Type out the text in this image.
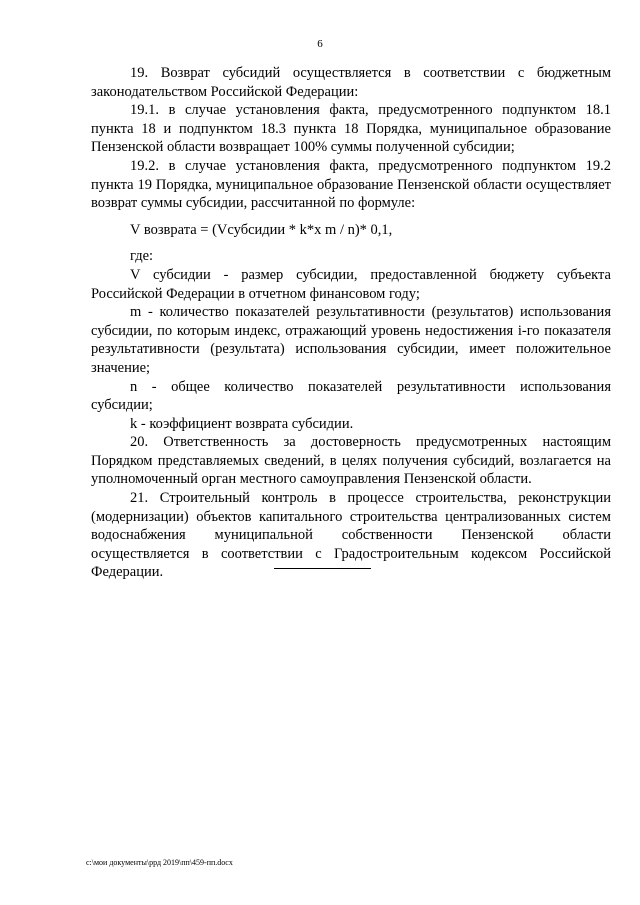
6

19. Возврат субсидий осуществляется в соответствии с бюджетным законодательством Российской Федерации:

19.1. в случае установления факта, предусмотренного подпунктом 18.1 пункта 18 и подпунктом 18.3 пункта 18 Порядка, муниципальное образование Пензенской области возвращает 100% суммы полученной субсидии;

19.2. в случае установления факта, предусмотренного подпунктом 19.2 пункта 19 Порядка, муниципальное образование Пензенской области осуществляет возврат суммы субсидии, рассчитанной по формуле:

V возврата = (Vсубсидии * k*х m / n)* 0,1,

где:

V субсидии - размер субсидии, предоставленной бюджету субъекта Российской Федерации в отчетном финансовом году;

m - количество показателей результативности (результатов) использования субсидии, по которым индекс, отражающий уровень недостижения i-го показателя результативности (результата) использования субсидии, имеет положительное значение;

n - общее количество показателей результативности использования субсидии;

k - коэффициент возврата субсидии.

20. Ответственность за достоверность предусмотренных настоящим Порядком представляемых сведений, в целях получения субсидий, возлагается на уполномоченный орган местного самоуправления Пензенской области.

21. Строительный контроль в процессе строительства, реконструкции (модернизации) объектов капитального строительства централизованных систем водоснабжения муниципальной собственности Пензенской области осуществляется в соответствии с Градостроительным кодексом Российской Федерации.

c:\мои документы\ррд 2019\пп\459-пп.docx
